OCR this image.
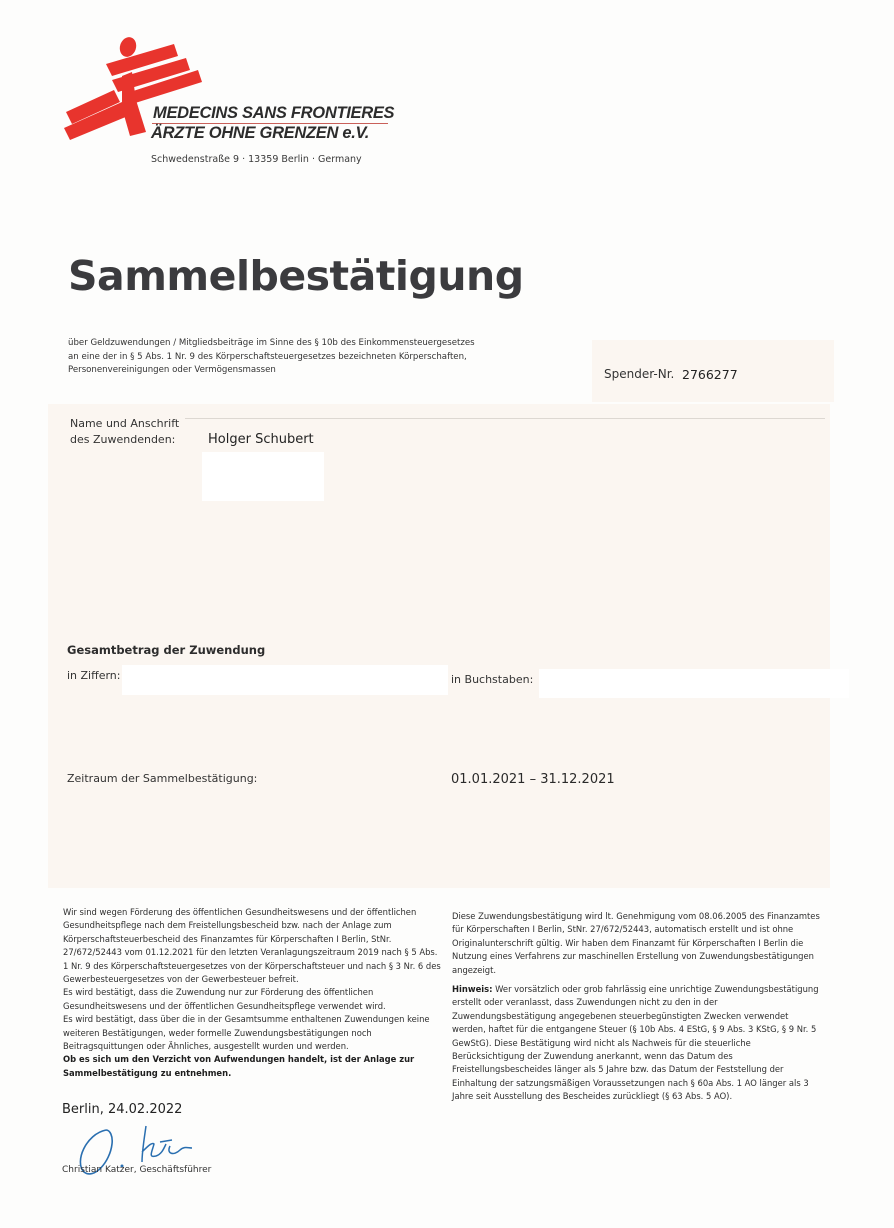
MEDECINS SANS FRONTIERES
ÄRZTE OHNE GRENZEN e.V.
Schwedenstraße 9 · 13359 Berlin · Germany
Sammelbestätigung
über Geldzuwendungen / Mitgliedsbeiträge im Sinne des § 10b des Einkommensteuergesetzes
an eine der in § 5 Abs. 1 Nr. 9 des Körperschaftsteuergesetzes bezeichneten Körperschaften,
Personenvereinigungen oder Vermögensmassen	Spender-Nr. 2766277
Name und Anschrift
des Zuwendenden:	Holger Schubert
Gesamtbetrag der Zuwendung
in Ziffern:	in Buchstaben:
Zeitraum der Sammelbestätigung:	01.01.2021 – 31.12.2021

Wir sind wegen Förderung des öffentlichen Gesundheitswesens und der öffentlichen Gesundheitspflege nach dem Freistellungsbescheid bzw. nach der Anlage zum Körperschaftsteuerbescheid des Finanzamtes für Körperschaften I Berlin, StNr. 27/672/52443 vom 01.12.2021 für den letzten Veranlagungszeitraum 2019 nach § 5 Abs. 1 Nr. 9 des Körperschaftsteuergesetzes von der Körperschaftsteuer und nach § 3 Nr. 6 des Gewerbesteuergesetzes von der Gewerbesteuer befreit.

Es wird bestätigt, dass die Zuwendung nur zur Förderung des öffentlichen Gesundheitswesens und der öffentlichen Gesundheitspflege verwendet wird.

Es wird bestätigt, dass über die in der Gesamtsumme enthaltenen Zuwendungen keine weiteren Bestätigungen, weder formelle Zuwendungsbestätigungen noch Beitragsquittungen oder Ähnliches, ausgestellt wurden und werden.

Ob es sich um den Verzicht von Aufwendungen handelt, ist der Anlage zur Sammelbestätigung zu entnehmen.

Diese Zuwendungsbestätigung wird lt. Genehmigung vom 08.06.2005 des Finanzamtes für Körperschaften I Berlin, StNr. 27/672/52443, automatisch erstellt und ist ohne Originalunterschrift gültig. Wir haben dem Finanzamt für Körperschaften I Berlin die Nutzung eines Verfahrens zur maschinellen Erstellung von Zuwendungsbestätigungen angezeigt.

Hinweis: Wer vorsätzlich oder grob fahrlässig eine unrichtige Zuwendungsbestätigung erstellt oder veranlasst, dass Zuwendungen nicht zu den in der Zuwendungsbestätigung angegebenen steuerbegünstigten Zwecken verwendet werden, haftet für die entgangene Steuer (§ 10b Abs. 4 EStG, § 9 Abs. 3 KStG, § 9 Nr. 5 GewStG). Diese Bestätigung wird nicht als Nachweis für die steuerliche Berücksichtigung der Zuwendung anerkannt, wenn das Datum des Freistellungsbescheides länger als 5 Jahre bzw. das Datum der Feststellung der Einhaltung der satzungsmäßigen Voraussetzungen nach § 60a Abs. 1 AO länger als 3 Jahre seit Ausstellung des Bescheides zurückliegt (§ 63 Abs. 5 AO).

Berlin, 24.02.2022
Christian Katzer, Geschäftsführer
